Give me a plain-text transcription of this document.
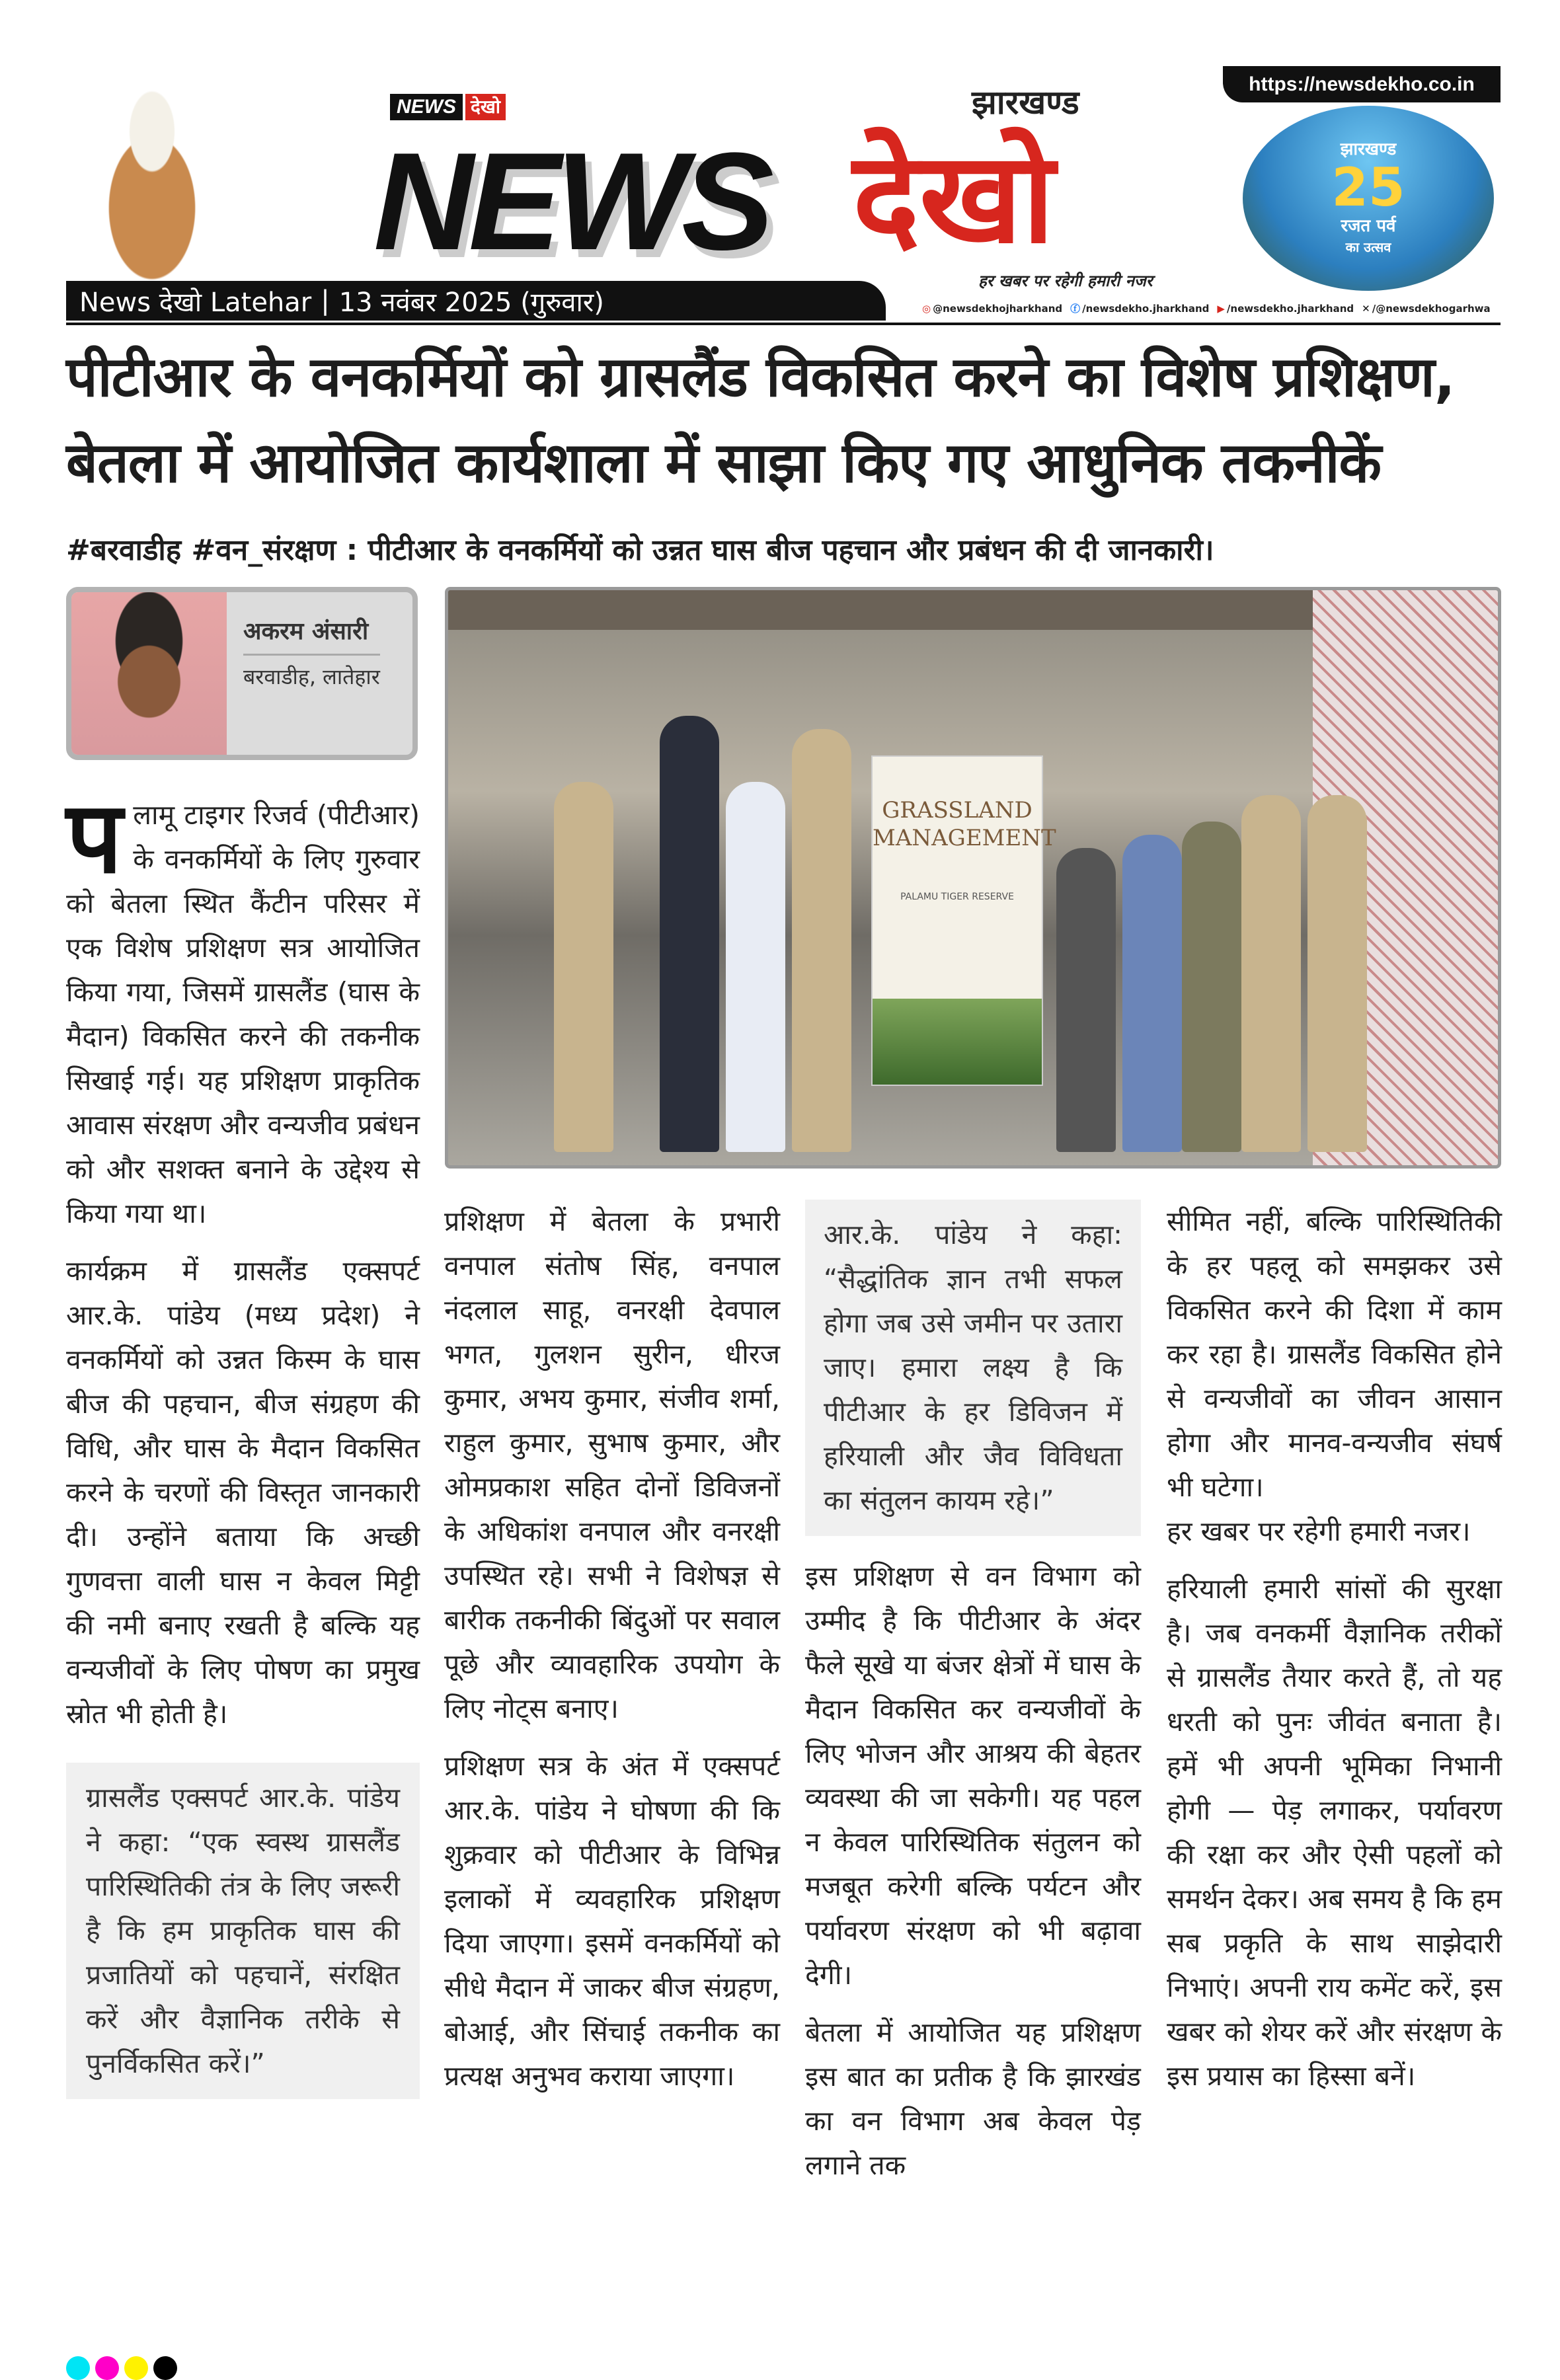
NEWS देखो
NEWS
झारखण्ड
देखो
हर खबर पर रहेगी हमारी नजर
https://newsdekho.co.in
झारखण्ड
25
रजत पर्व
का उत्सव
News देखो Latehar | 13 नवंबर 2025 (गुरुवार)	◎ @newsdekhojharkhand ⓕ /newsdekho.jharkhand ▶ /newsdekho.jharkhand ✕ /@newsdekhogarhwa
पीटीआर के वनकर्मियों को ग्रासलैंड विकसित करने का विशेष प्रशिक्षण,
बेतला में आयोजित कार्यशाला में साझा किए गए आधुनिक तकनीकें
#बरवाडीह #वन_संरक्षण : पीटीआर के वनकर्मियों को उन्नत घास बीज पहचान और प्रबंधन की दी जानकारी।
अकरम अंसारी
बरवाडीह, लातेहार
GRASSLAND MANAGEMENT
PALAMU TIGER RESERVE

पलामू टाइगर रिजर्व (पीटीआर) के वनकर्मियों के लिए गुरुवार को बेतला स्थित कैंटीन परिसर में एक विशेष प्रशिक्षण सत्र आयोजित किया गया, जिसमें ग्रासलैंड (घास के मैदान) विकसित करने की तकनीक सिखाई गई। यह प्रशिक्षण प्राकृतिक आवास संरक्षण और वन्यजीव प्रबंधन को और सशक्त बनाने के उद्देश्य से किया गया था।

कार्यक्रम में ग्रासलैंड एक्सपर्ट आर.के. पांडेय (मध्य प्रदेश) ने वनकर्मियों को उन्नत किस्म के घास बीज की पहचान, बीज संग्रहण की विधि, और घास के मैदान विकसित करने के चरणों की विस्तृत जानकारी दी। उन्होंने बताया कि अच्छी गुणवत्ता वाली घास न केवल मिट्टी की नमी बनाए रखती है बल्कि यह वन्यजीवों के लिए पोषण का प्रमुख स्रोत भी होती है।

ग्रासलैंड एक्सपर्ट आर.के. पांडेय ने कहा: “एक स्वस्थ ग्रासलैंड पारिस्थितिकी तंत्र के लिए जरूरी है कि हम प्राकृतिक घास की प्रजातियों को पहचानें, संरक्षित करें और वैज्ञानिक तरीके से पुनर्विकसित करें।”

प्रशिक्षण में बेतला के प्रभारी वनपाल संतोष सिंह, वनपाल नंदलाल साहू, वनरक्षी देवपाल भगत, गुलशन सुरीन, धीरज कुमार, अभय कुमार, संजीव शर्मा, राहुल कुमार, सुभाष कुमार, और ओमप्रकाश सहित दोनों डिविजनों के अधिकांश वनपाल और वनरक्षी उपस्थित रहे। सभी ने विशेषज्ञ से बारीक तकनीकी बिंदुओं पर सवाल पूछे और व्यावहारिक उपयोग के लिए नोट्स बनाए।

प्रशिक्षण सत्र के अंत में एक्सपर्ट आर.के. पांडेय ने घोषणा की कि शुक्रवार को पीटीआर के विभिन्न इलाकों में व्यवहारिक प्रशिक्षण दिया जाएगा। इसमें वनकर्मियों को सीधे मैदान में जाकर बीज संग्रहण, बोआई, और सिंचाई तकनीक का प्रत्यक्ष अनुभव कराया जाएगा।

आर.के. पांडेय ने कहा: “सैद्धांतिक ज्ञान तभी सफल होगा जब उसे जमीन पर उतारा जाए। हमारा लक्ष्य है कि पीटीआर के हर डिविजन में हरियाली और जैव विविधता का संतुलन कायम रहे।”

इस प्रशिक्षण से वन विभाग को उम्मीद है कि पीटीआर के अंदर फैले सूखे या बंजर क्षेत्रों में घास के मैदान विकसित कर वन्यजीवों के लिए भोजन और आश्रय की बेहतर व्यवस्था की जा सकेगी। यह पहल न केवल पारिस्थितिक संतुलन को मजबूत करेगी बल्कि पर्यटन और पर्यावरण संरक्षण को भी बढ़ावा देगी।

बेतला में आयोजित यह प्रशिक्षण इस बात का प्रतीक है कि झारखंड का वन विभाग अब केवल पेड़ लगाने तक

सीमित नहीं, बल्कि पारिस्थितिकी के हर पहलू को समझकर उसे विकसित करने की दिशा में काम कर रहा है। ग्रासलैंड विकसित होने से वन्यजीवों का जीवन आसान होगा और मानव-वन्यजीव संघर्ष भी घटेगा।

हर खबर पर रहेगी हमारी नजर।

हरियाली हमारी सांसों की सुरक्षा है। जब वनकर्मी वैज्ञानिक तरीकों से ग्रासलैंड तैयार करते हैं, तो यह धरती को पुनः जीवंत बनाता है। हमें भी अपनी भूमिका निभानी होगी — पेड़ लगाकर, पर्यावरण की रक्षा कर और ऐसी पहलों को समर्थन देकर। अब समय है कि हम सब प्रकृति के साथ साझेदारी निभाएं। अपनी राय कमेंट करें, इस खबर को शेयर करें और संरक्षण के इस प्रयास का हिस्सा बनें।
